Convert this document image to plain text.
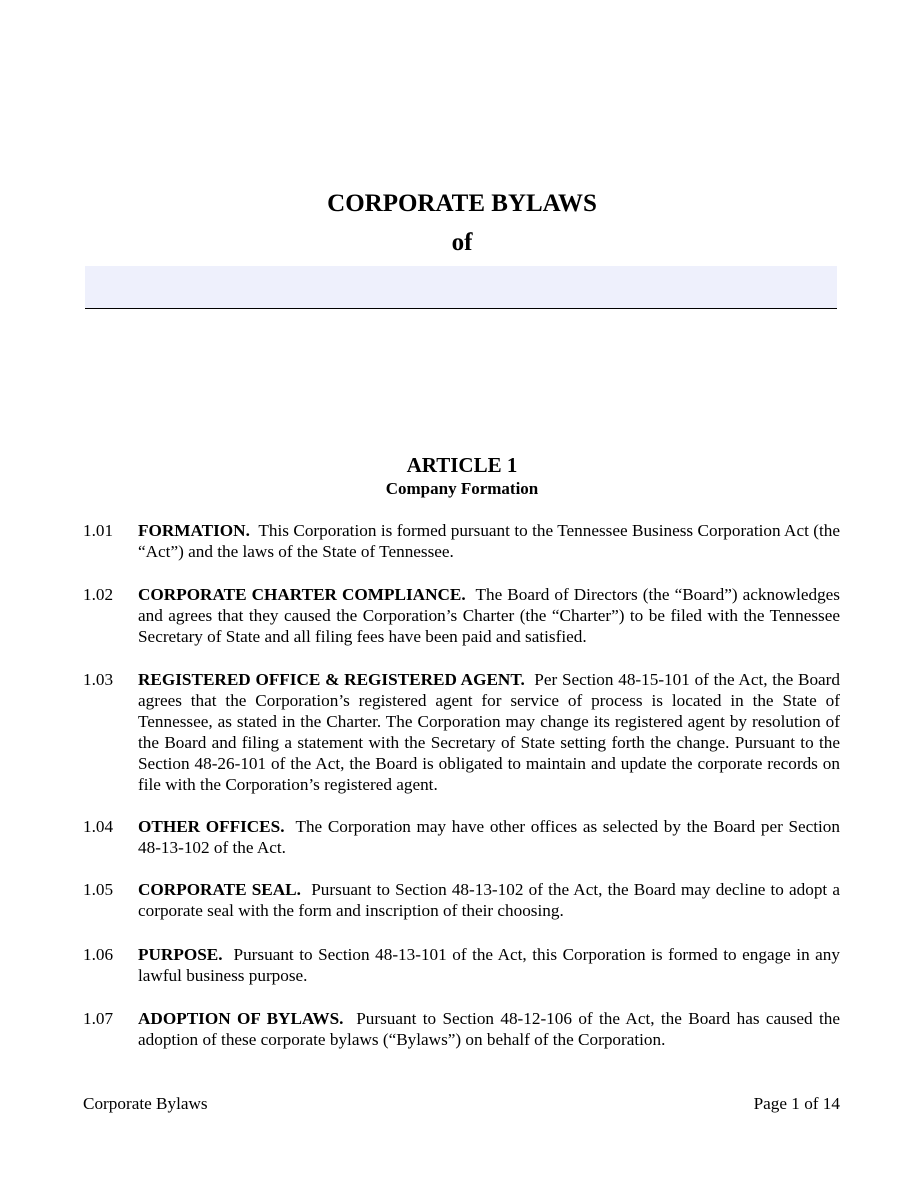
CORPORATE BYLAWS
of
ARTICLE 1
Company Formation
1.01 FORMATION. This Corporation is formed pursuant to the Tennessee Business Corporation Act (the “Act”) and the laws of the State of Tennessee.
1.02 CORPORATE CHARTER COMPLIANCE. The Board of Directors (the “Board”) acknowledges and agrees that they caused the Corporation’s Charter (the “Charter”) to be filed with the Tennessee Secretary of State and all filing fees have been paid and satisfied.
1.03 REGISTERED OFFICE & REGISTERED AGENT. Per Section 48-15-101 of the Act, the Board agrees that the Corporation’s registered agent for service of process is located in the State of Tennessee, as stated in the Charter. The Corporation may change its registered agent by resolution of the Board and filing a statement with the Secretary of State setting forth the change. Pursuant to the Section 48-26-101 of the Act, the Board is obligated to maintain and update the corporate records on file with the Corporation’s registered agent.
1.04 OTHER OFFICES. The Corporation may have other offices as selected by the Board per Section 48-13-102 of the Act.
1.05 CORPORATE SEAL. Pursuant to Section 48-13-102 of the Act, the Board may decline to adopt a corporate seal with the form and inscription of their choosing.
1.06 PURPOSE. Pursuant to Section 48-13-101 of the Act, this Corporation is formed to engage in any lawful business purpose.
1.07 ADOPTION OF BYLAWS. Pursuant to Section 48-12-106 of the Act, the Board has caused the adoption of these corporate bylaws (“Bylaws”) on behalf of the Corporation.
Corporate Bylaws	Page 1 of 14
